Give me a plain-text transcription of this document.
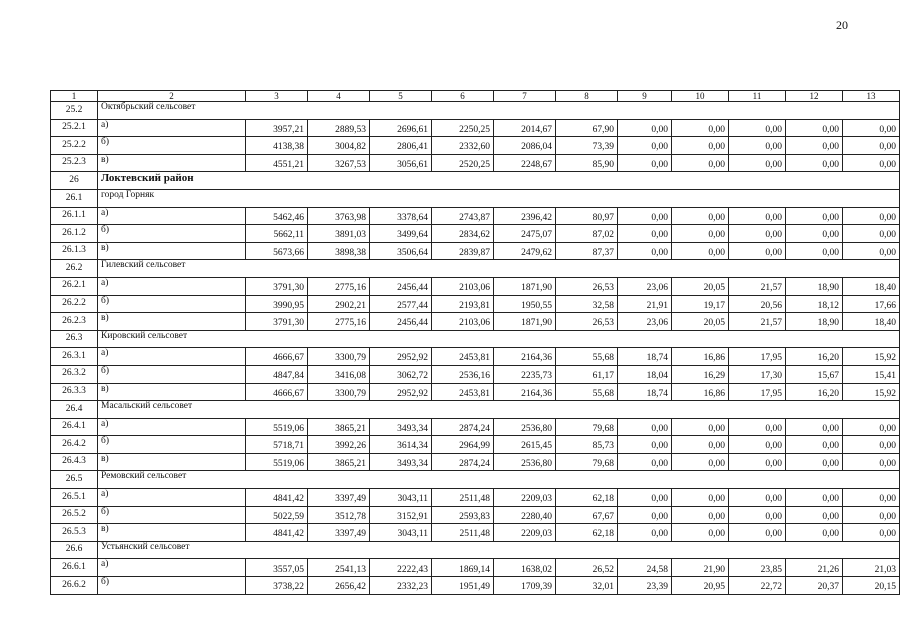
20
1	2	3	4	5	6	7	8	9	10	11	12	13
25.2	Октябрьский сельсовет											
25.2.1	а)	3957,21	2889,53	2696,61	2250,25	2014,67	67,90	0,00	0,00	0,00	0,00	0,00
25.2.2	б)	4138,38	3004,82	2806,41	2332,60	2086,04	73,39	0,00	0,00	0,00	0,00	0,00
25.2.3	в)	4551,21	3267,53	3056,61	2520,25	2248,67	85,90	0,00	0,00	0,00	0,00	0,00
26	Локтевский район											
26.1	город Горняк											
26.1.1	а)	5462,46	3763,98	3378,64	2743,87	2396,42	80,97	0,00	0,00	0,00	0,00	0,00
26.1.2	б)	5662,11	3891,03	3499,64	2834,62	2475,07	87,02	0,00	0,00	0,00	0,00	0,00
26.1.3	в)	5673,66	3898,38	3506,64	2839,87	2479,62	87,37	0,00	0,00	0,00	0,00	0,00
26.2	Гилевский сельсовет											
26.2.1	а)	3791,30	2775,16	2456,44	2103,06	1871,90	26,53	23,06	20,05	21,57	18,90	18,40
26.2.2	б)	3990,95	2902,21	2577,44	2193,81	1950,55	32,58	21,91	19,17	20,56	18,12	17,66
26.2.3	в)	3791,30	2775,16	2456,44	2103,06	1871,90	26,53	23,06	20,05	21,57	18,90	18,40
26.3	Кировский сельсовет											
26.3.1	а)	4666,67	3300,79	2952,92	2453,81	2164,36	55,68	18,74	16,86	17,95	16,20	15,92
26.3.2	б)	4847,84	3416,08	3062,72	2536,16	2235,73	61,17	18,04	16,29	17,30	15,67	15,41
26.3.3	в)	4666,67	3300,79	2952,92	2453,81	2164,36	55,68	18,74	16,86	17,95	16,20	15,92
26.4	Масальский сельсовет											
26.4.1	а)	5519,06	3865,21	3493,34	2874,24	2536,80	79,68	0,00	0,00	0,00	0,00	0,00
26.4.2	б)	5718,71	3992,26	3614,34	2964,99	2615,45	85,73	0,00	0,00	0,00	0,00	0,00
26.4.3	в)	5519,06	3865,21	3493,34	2874,24	2536,80	79,68	0,00	0,00	0,00	0,00	0,00
26.5	Ремовский сельсовет											
26.5.1	а)	4841,42	3397,49	3043,11	2511,48	2209,03	62,18	0,00	0,00	0,00	0,00	0,00
26.5.2	б)	5022,59	3512,78	3152,91	2593,83	2280,40	67,67	0,00	0,00	0,00	0,00	0,00
26.5.3	в)	4841,42	3397,49	3043,11	2511,48	2209,03	62,18	0,00	0,00	0,00	0,00	0,00
26.6	Устьянский сельсовет											
26.6.1	а)	3557,05	2541,13	2222,43	1869,14	1638,02	26,52	24,58	21,90	23,85	21,26	21,03
26.6.2	б)	3738,22	2656,42	2332,23	1951,49	1709,39	32,01	23,39	20,95	22,72	20,37	20,15
